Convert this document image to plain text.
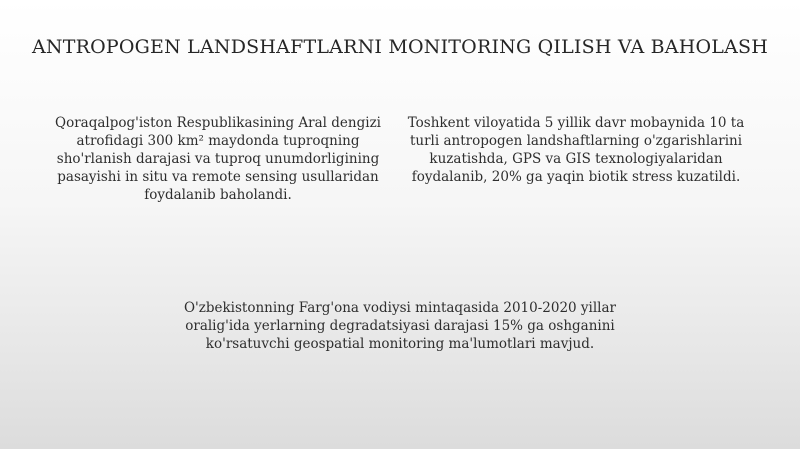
ANTROPOGEN LANDSHAFTLARNI MONITORING QILISH VA BAHOLASH
Qoraqalpog'iston Respublikasining Aral dengizi atrofidagi 300 km² maydonda tuproqning sho'rlanish darajasi va tuproq unumdorligining pasayishi in situ va remote sensing usullaridan foydalanib baholandi.
Toshkent viloyatida 5 yillik davr mobaynida 10 ta turli antropogen landshaftlarning o'zgarishlarini kuzatishda, GPS va GIS texnologiyalaridan foydalanib, 20% ga yaqin biotik stress kuzatildi.
O'zbekistonning Farg'ona vodiysi mintaqasida 2010-2020 yillar oralig'ida yerlarning degradatsiyasi darajasi 15% ga oshganini ko'rsatuvchi geospatial monitoring ma'lumotlari mavjud.
